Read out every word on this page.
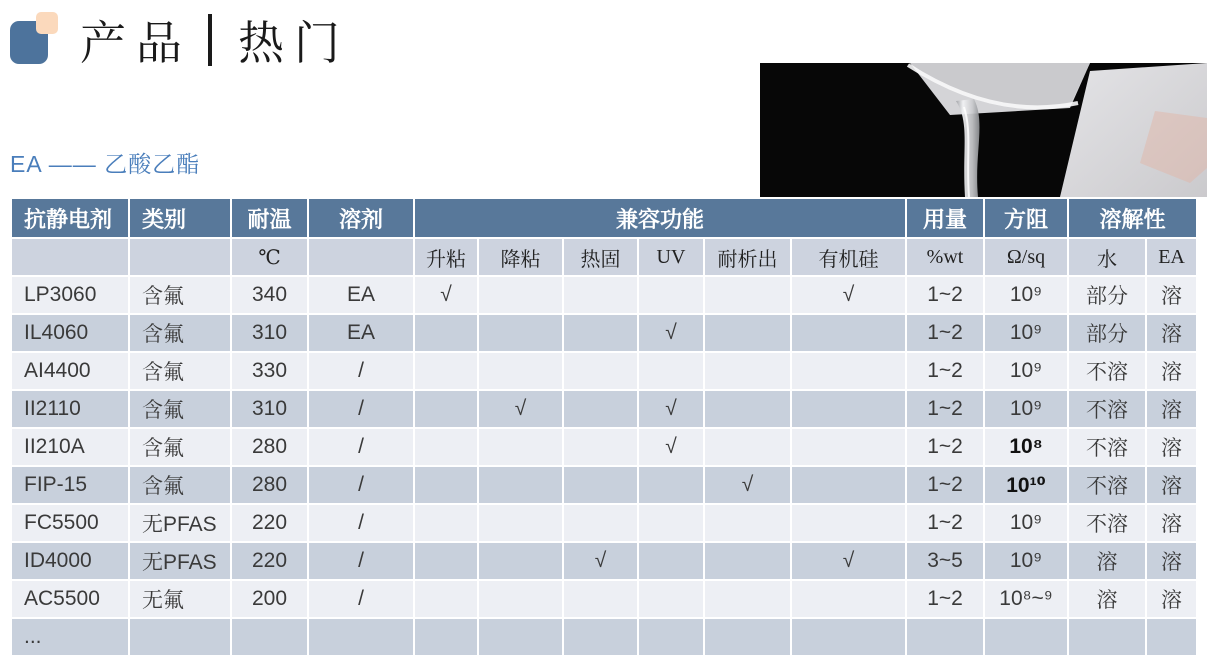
产品 热门
EA —— 乙酸乙酯
抗静电剂	类别	耐温	溶剂	兼容功能						用量	方阻	溶解性	
		℃		升粘	降粘	热固	UV	耐析出	有机硅	%wt	Ω/sq	水	EA
LP3060	含氟	340	EA	√					√	1~2	10⁹	部分	溶
IL4060	含氟	310	EA				√			1~2	10⁹	部分	溶
AI4400	含氟	330	/							1~2	10⁹	不溶	溶
II2110	含氟	310	/		√		√			1~2	10⁹	不溶	溶
II210A	含氟	280	/				√			1~2	10⁸	不溶	溶
FIP-15	含氟	280	/					√		1~2	10¹⁰	不溶	溶
FC5500	无PFAS	220	/							1~2	10⁹	不溶	溶
ID4000	无PFAS	220	/			√			√	3~5	10⁹	溶	溶
AC5500	无氟	200	/							1~2	10⁸~⁹	溶	溶
...													
